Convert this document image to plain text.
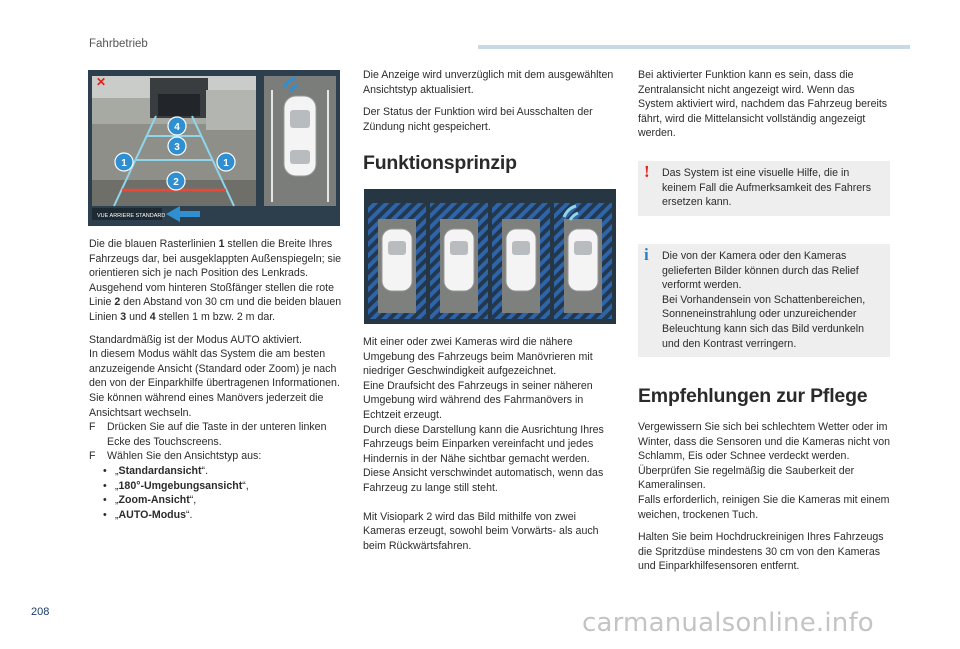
Fahrbetrieb
208	carmanualsonline.info
✕
1	1
2
3
4
VUE ARRIERE STANDARD

Die die blauen Rasterlinien 1 stellen die Breite Ihres Fahrzeugs dar, bei ausgeklappten Außenspiegeln; sie orientieren sich je nach Position des Lenkrads.

Ausgehend vom hinteren Stoßfänger stellen die rote Linie 2 den Abstand von 30 cm und die beiden blauen Linien 3 und 4 stellen 1 m bzw. 2 m dar.

Standardmäßig ist der Modus AUTO aktiviert.

In diesem Modus wählt das System die am besten anzuzeigende Ansicht (Standard oder Zoom) je nach den von der Einparkhilfe übertragenen Informationen.

Sie können während eines Manövers jederzeit die Ansichtsart wechseln.

F Drücken Sie auf die Taste in der unteren linken Ecke des Touchscreens.

F Wählen Sie den Ansichtstyp aus:

• „Standardansicht“.

• „180°-Umgebungsansicht“,

• „Zoom-Ansicht“,

• „AUTO-Modus“.

Die Anzeige wird unverzüglich mit dem ausgewählten Ansichtstyp aktualisiert.

Der Status der Funktion wird bei Ausschalten der Zündung nicht gespeichert.

Funktionsprinzip

Mit einer oder zwei Kameras wird die nähere Umgebung des Fahrzeugs beim Manövrieren mit niedriger Geschwindigkeit aufgezeichnet.

Eine Draufsicht des Fahrzeugs in seiner näheren Umgebung wird während des Fahrmanövers in Echtzeit erzeugt.

Durch diese Darstellung kann die Ausrichtung Ihres Fahrzeugs beim Einparken vereinfacht und jedes Hindernis in der Nähe sichtbar gemacht werden.

Diese Ansicht verschwindet automatisch, wenn das Fahrzeug zu lange still steht.

Mit Visiopark 2 wird das Bild mithilfe von zwei Kameras erzeugt, sowohl beim Vorwärts- als auch beim Rückwärtsfahren.

Bei aktivierter Funktion kann es sein, dass die Zentralansicht nicht angezeigt wird. Wenn das System aktiviert wird, nachdem das Fahrzeug bereits fährt, wird die Mittelansicht vollständig angezeigt werden.

!	Das System ist eine visuelle Hilfe, die in keinem Fall die Aufmerksamkeit des Fahrers ersetzen kann.
i Die von der Kamera oder den Kameras gelieferten Bilder können durch das Relief verformt werden.

Bei Vorhandensein von Schattenbereichen, Sonneneinstrahlung oder unzureichender Beleuchtung kann sich das Bild verdunkeln und den Kontrast verringern.

Empfehlungen zur Pflege

Vergewissern Sie sich bei schlechtem Wetter oder im Winter, dass die Sensoren und die Kameras nicht von Schlamm, Eis oder Schnee verdeckt werden.

Überprüfen Sie regelmäßig die Sauberkeit der Kameralinsen.

Falls erforderlich, reinigen Sie die Kameras mit einem weichen, trockenen Tuch.

Halten Sie beim Hochdruckreinigen Ihres Fahrzeugs die Spritzdüse mindestens 30 cm von den Kameras und Einparkhilfesensoren entfernt.
